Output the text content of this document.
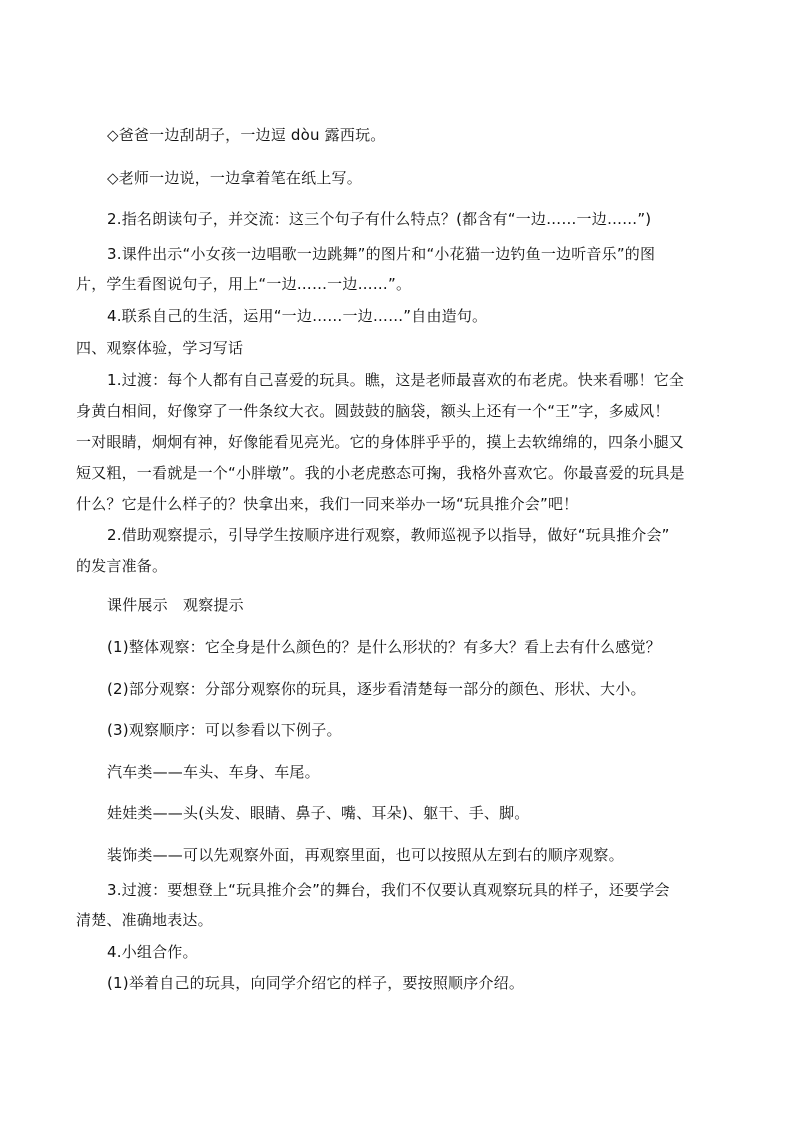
◇爸爸一边刮胡子，一边逗 dòu 露西玩。
◇老师一边说，一边拿着笔在纸上写。
2.指名朗读句子，并交流：这三个句子有什么特点？(都含有“一边……一边……”)
3.课件出示“小女孩一边唱歌一边跳舞”的图片和“小花猫一边钓鱼一边听音乐”的图
片，学生看图说句子，用上“一边……一边……”。
4.联系自己的生活，运用“一边……一边……”自由造句。
四、观察体验，学习写话
1.过渡：每个人都有自己喜爱的玩具。瞧，这是老师最喜欢的布老虎。快来看哪！它全
身黄白相间，好像穿了一件条纹大衣。圆鼓鼓的脑袋，额头上还有一个“王”字，多威风！
一对眼睛，炯炯有神，好像能看见亮光。它的身体胖乎乎的，摸上去软绵绵的，四条小腿又
短又粗，一看就是一个“小胖墩”。我的小老虎憨态可掬，我格外喜欢它。你最喜爱的玩具是
什么？它是什么样子的？快拿出来，我们一同来举办一场“玩具推介会”吧！
2.借助观察提示，引导学生按顺序进行观察，教师巡视予以指导，做好“玩具推介会”
的发言准备。
课件展示　观察提示
(1)整体观察：它全身是什么颜色的？是什么形状的？有多大？看上去有什么感觉？
(2)部分观察：分部分观察你的玩具，逐步看清楚每一部分的颜色、形状、大小。
(3)观察顺序：可以参看以下例子。
汽车类——车头、车身、车尾。
娃娃类——头(头发、眼睛、鼻子、嘴、耳朵)、躯干、手、脚。
装饰类——可以先观察外面，再观察里面，也可以按照从左到右的顺序观察。
3.过渡：要想登上“玩具推介会”的舞台，我们不仅要认真观察玩具的样子，还要学会
清楚、准确地表达。
4.小组合作。
(1)举着自己的玩具，向同学介绍它的样子，要按照顺序介绍。
